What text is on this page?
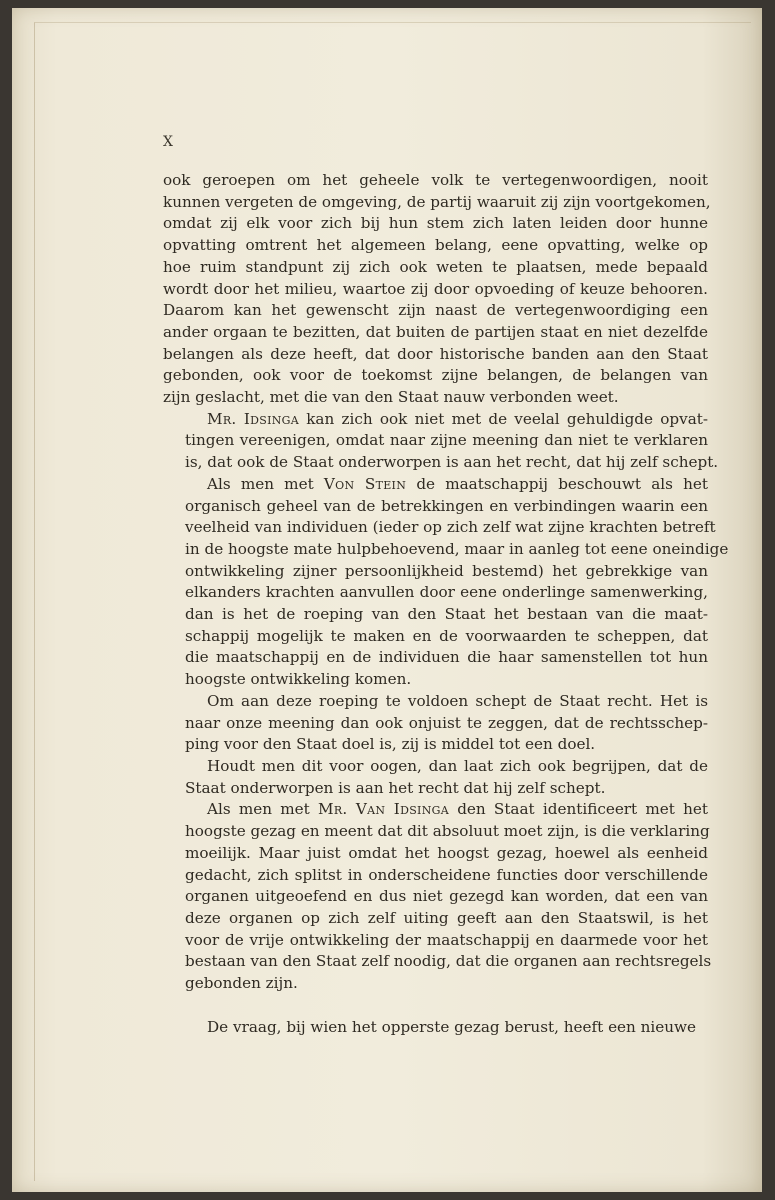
X
ook geroepen om het geheele volk te vertegenwoordigen, nooit
kunnen vergeten de omgeving, de partij waaruit zij zijn voortgekomen,
omdat zij elk voor zich bij hun stem zich laten leiden door hunne
opvatting omtrent het algemeen belang, eene opvatting, welke op
hoe ruim standpunt zij zich ook weten te plaatsen, mede bepaald
wordt door het milieu, waartoe zij door opvoeding of keuze behooren.
Daarom kan het gewenscht zijn naast de vertegenwoordiging een
ander orgaan te bezitten, dat buiten de partijen staat en niet dezelfde
belangen als deze heeft, dat door historische banden aan den Staat
gebonden, ook voor de toekomst zijne belangen, de belangen van
zijn geslacht, met die van den Staat nauw verbonden weet.
Mr. Idsinga kan zich ook niet met de veelal gehuldigde opvat-
tingen vereenigen, omdat naar zijne meening dan niet te verklaren
is, dat ook de Staat onderworpen is aan het recht, dat hij zelf schept.
Als men met Von Stein de maatschappij beschouwt als het
organisch geheel van de betrekkingen en verbindingen waarin een
veelheid van individuen (ieder op zich zelf wat zijne krachten betreft
in de hoogste mate hulpbehoevend, maar in aanleg tot eene oneindige
ontwikkeling zijner persoonlijkheid bestemd) het gebrekkige van
elkanders krachten aanvullen door eene onderlinge samenwerking,
dan is het de roeping van den Staat het bestaan van die maat-
schappij mogelijk te maken en de voorwaarden te scheppen, dat
die maatschappij en de individuen die haar samenstellen tot hun
hoogste ontwikkeling komen.
Om aan deze roeping te voldoen schept de Staat recht. Het is
naar onze meening dan ook onjuist te zeggen, dat de rechtsschep-
ping voor den Staat doel is, zij is middel tot een doel.
Houdt men dit voor oogen, dan laat zich ook begrijpen, dat de
Staat onderworpen is aan het recht dat hij zelf schept.
Als men met Mr. Van Idsinga den Staat identificeert met het
hoogste gezag en meent dat dit absoluut moet zijn, is die verklaring
moeilijk. Maar juist omdat het hoogst gezag, hoewel als eenheid
gedacht, zich splitst in onderscheidene functies door verschillende
organen uitgeoefend en dus niet gezegd kan worden, dat een van
deze organen op zich zelf uiting geeft aan den Staatswil, is het
voor de vrije ontwikkeling der maatschappij en daarmede voor het
bestaan van den Staat zelf noodig, dat die organen aan rechtsregels
gebonden zijn.
De vraag, bij wien het opperste gezag berust, heeft een nieuwe
